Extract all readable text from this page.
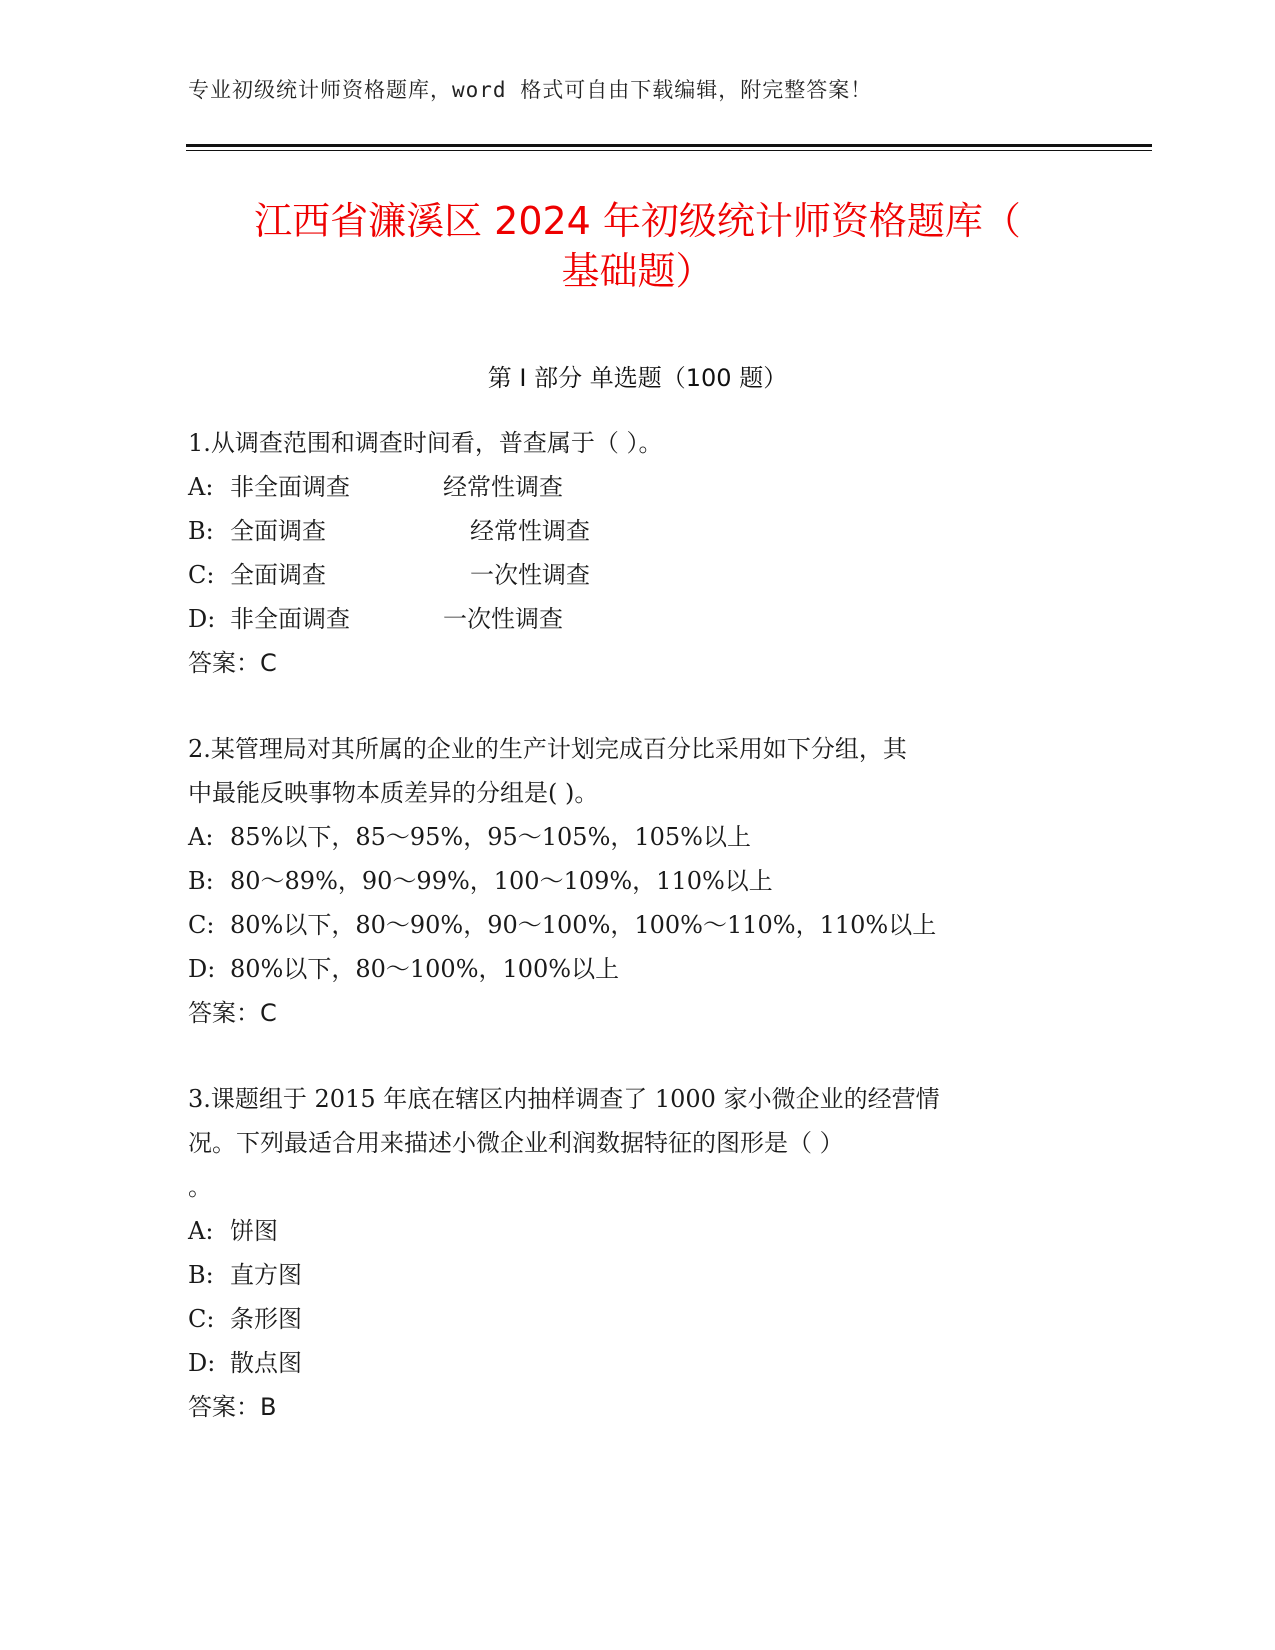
专业初级统计师资格题库，word 格式可自由下载编辑，附完整答案！
江西省濂溪区 2024 年初级统计师资格题库（
基础题）
第 I 部分 单选题（100 题）
1.从调查范围和调查时间看，普查属于（ ）。
A: 非全面调查	经常性调查
B: 全面调查	经常性调查
C: 全面调查	一次性调查
D: 非全面调查	一次性调查
答案：C
2.某管理局对其所属的企业的生产计划完成百分比采用如下分组，其
中最能反映事物本质差异的分组是( )。
A: 85%以下，85～95%，95～105%，105%以上
B: 80～89%，90～99%，100～109%，110%以上
C: 80%以下，80～90%，90～100%，100%～110%，110%以上
D: 80%以下，80～100%，100%以上
答案：C
3.课题组于 2015 年底在辖区内抽样调查了 1000 家小微企业的经营情
况。下列最适合用来描述小微企业利润数据特征的图形是（ ）
。
A: 饼图
B: 直方图
C: 条形图
D: 散点图
答案：B
